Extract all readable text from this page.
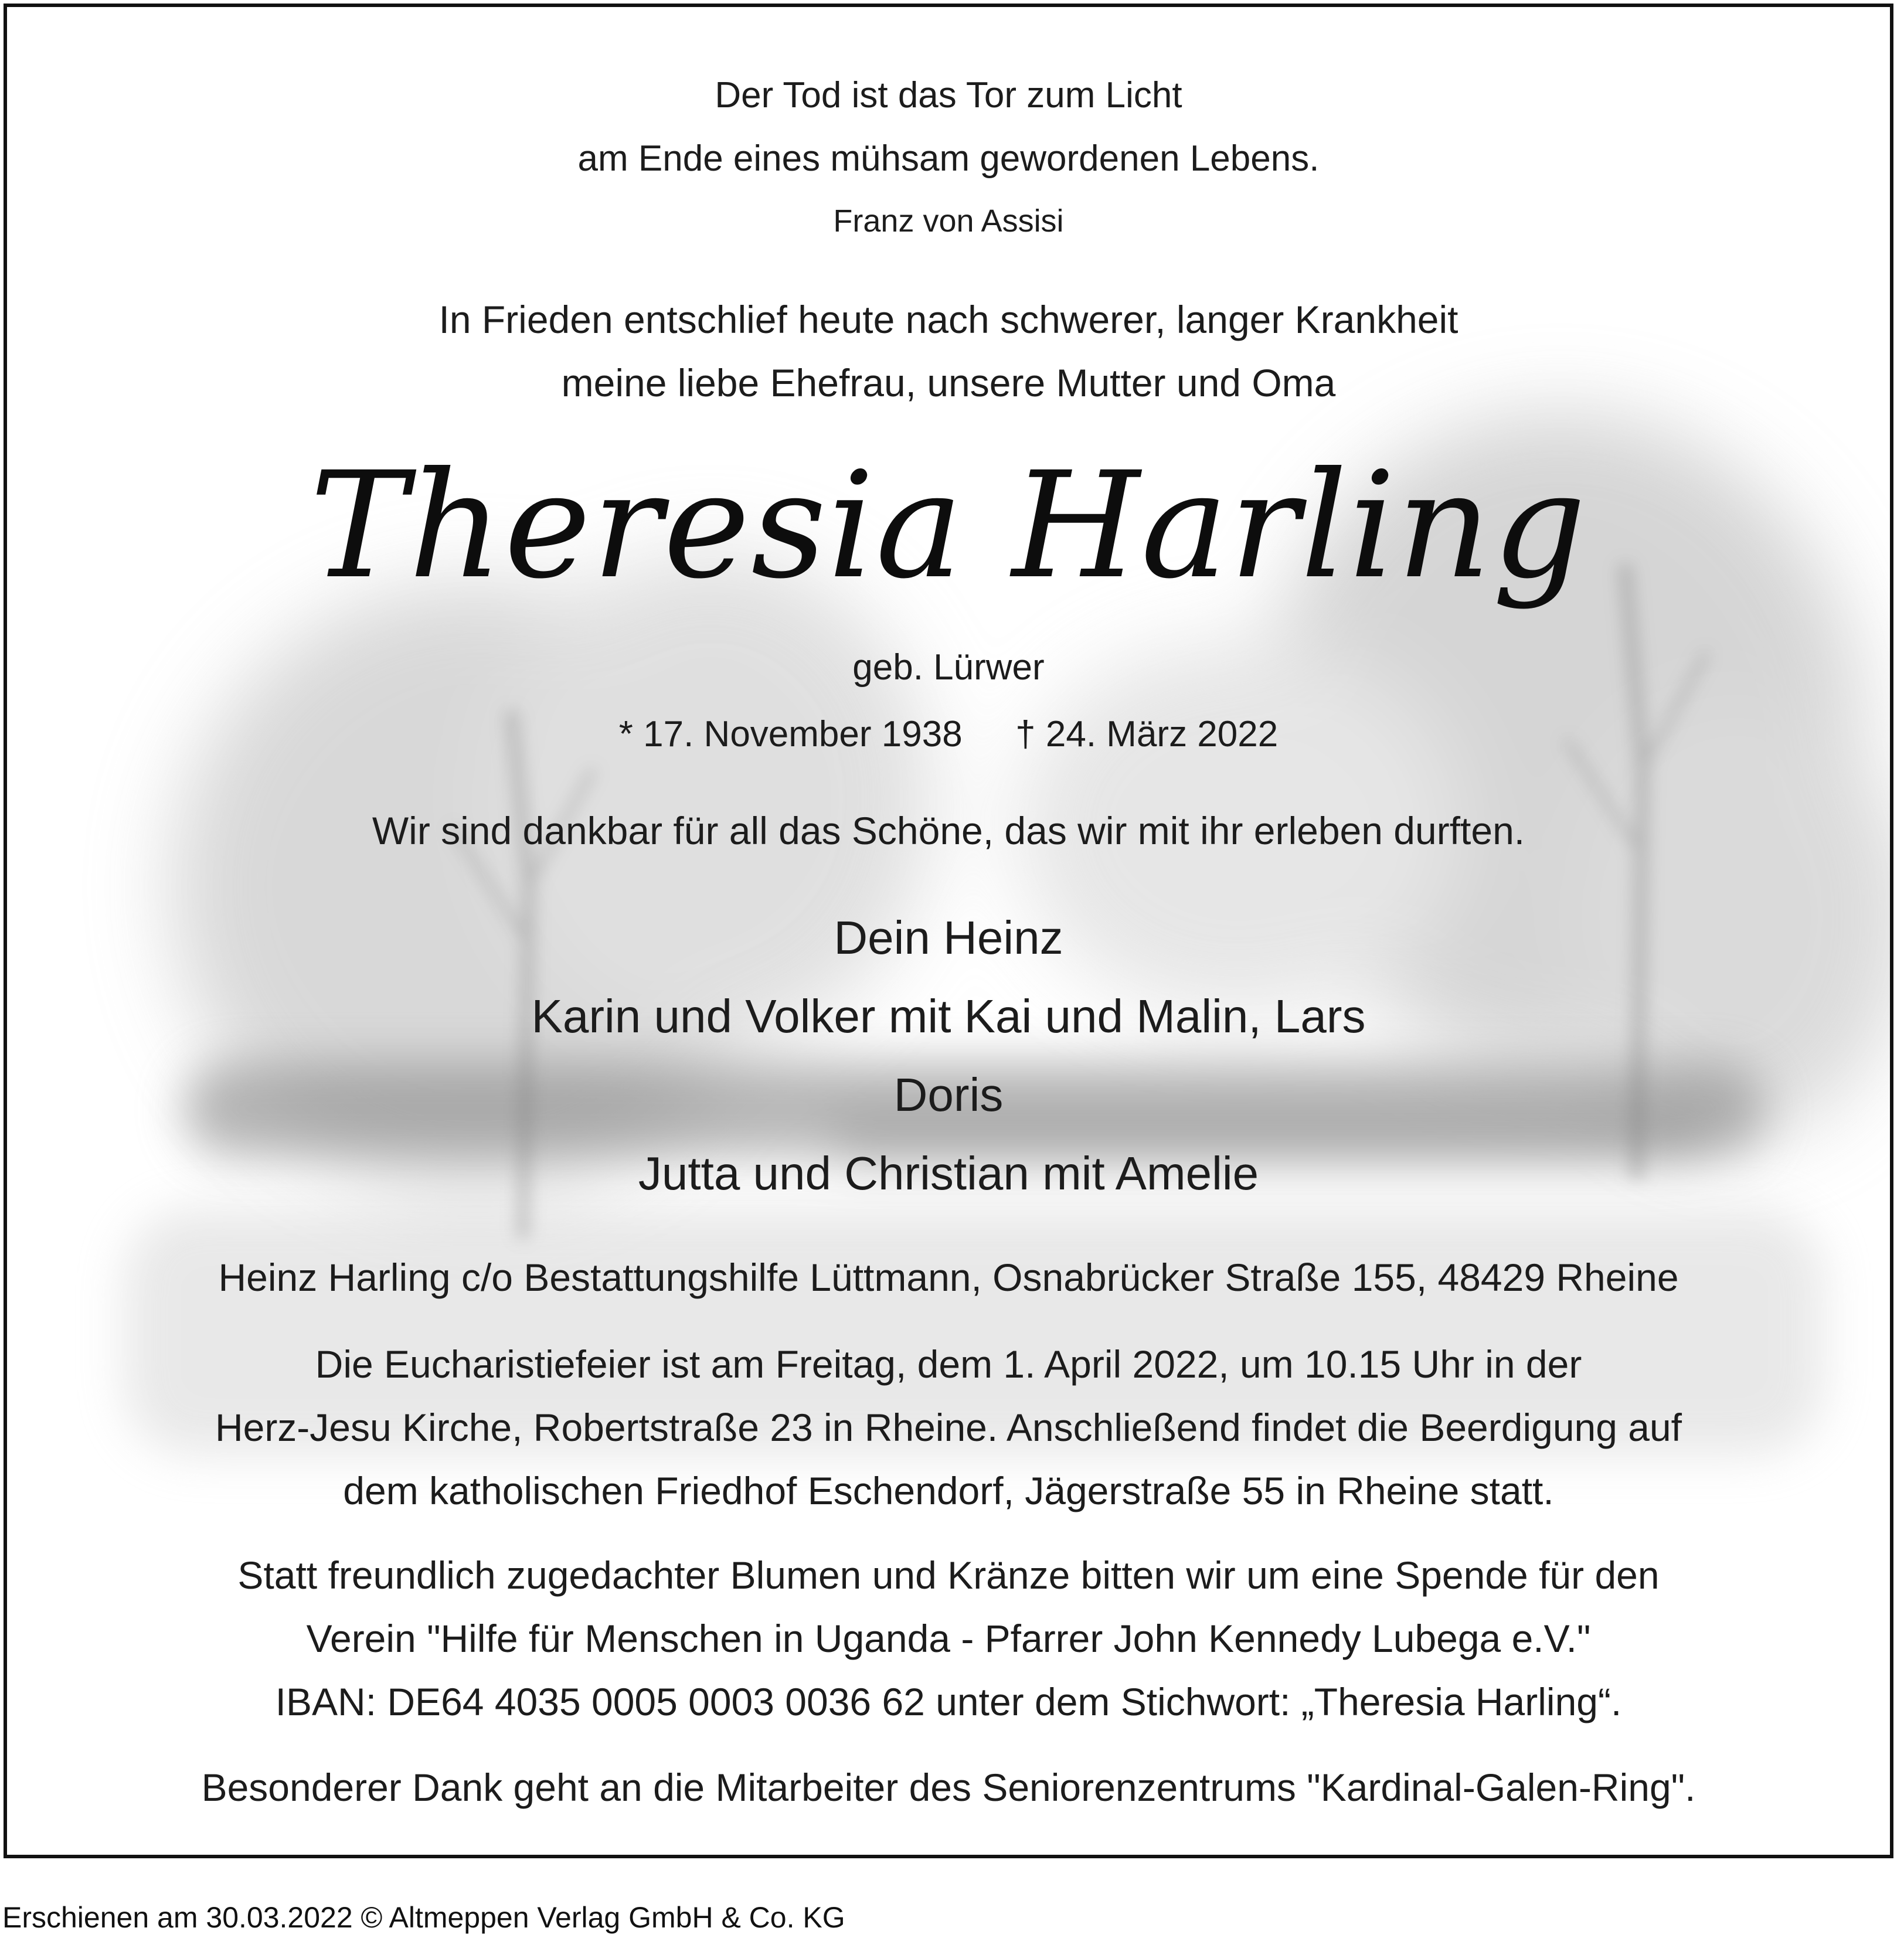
Der Tod ist das Tor zum Licht
am Ende eines mühsam gewordenen Lebens.
Franz von Assisi
In Frieden entschlief heute nach schwerer, langer Krankheit
meine liebe Ehefrau, unsere Mutter und Oma
Theresia Harling
geb. Lürwer
* 17. November 1938 † 24. März 2022
Wir sind dankbar für all das Schöne, das wir mit ihr erleben durften.
Dein Heinz
Karin und Volker mit Kai und Malin, Lars
Doris
Jutta und Christian mit Amelie
Heinz Harling c/o Bestattungshilfe Lüttmann, Osnabrücker Straße 155, 48429 Rheine
Die Eucharistiefeier ist am Freitag, dem 1. April 2022, um 10.15 Uhr in der
Herz-Jesu Kirche, Robertstraße 23 in Rheine. Anschließend findet die Beerdigung auf
dem katholischen Friedhof Eschendorf, Jägerstraße 55 in Rheine statt.
Statt freundlich zugedachter Blumen und Kränze bitten wir um eine Spende für den
Verein "Hilfe für Menschen in Uganda - Pfarrer John Kennedy Lubega e.V."
IBAN: DE64 4035 0005 0003 0036 62 unter dem Stichwort: „Theresia Harling“.
Besonderer Dank geht an die Mitarbeiter des Seniorenzentrums "Kardinal-Galen-Ring".
Erschienen am 30.03.2022 © Altmeppen Verlag GmbH & Co. KG
